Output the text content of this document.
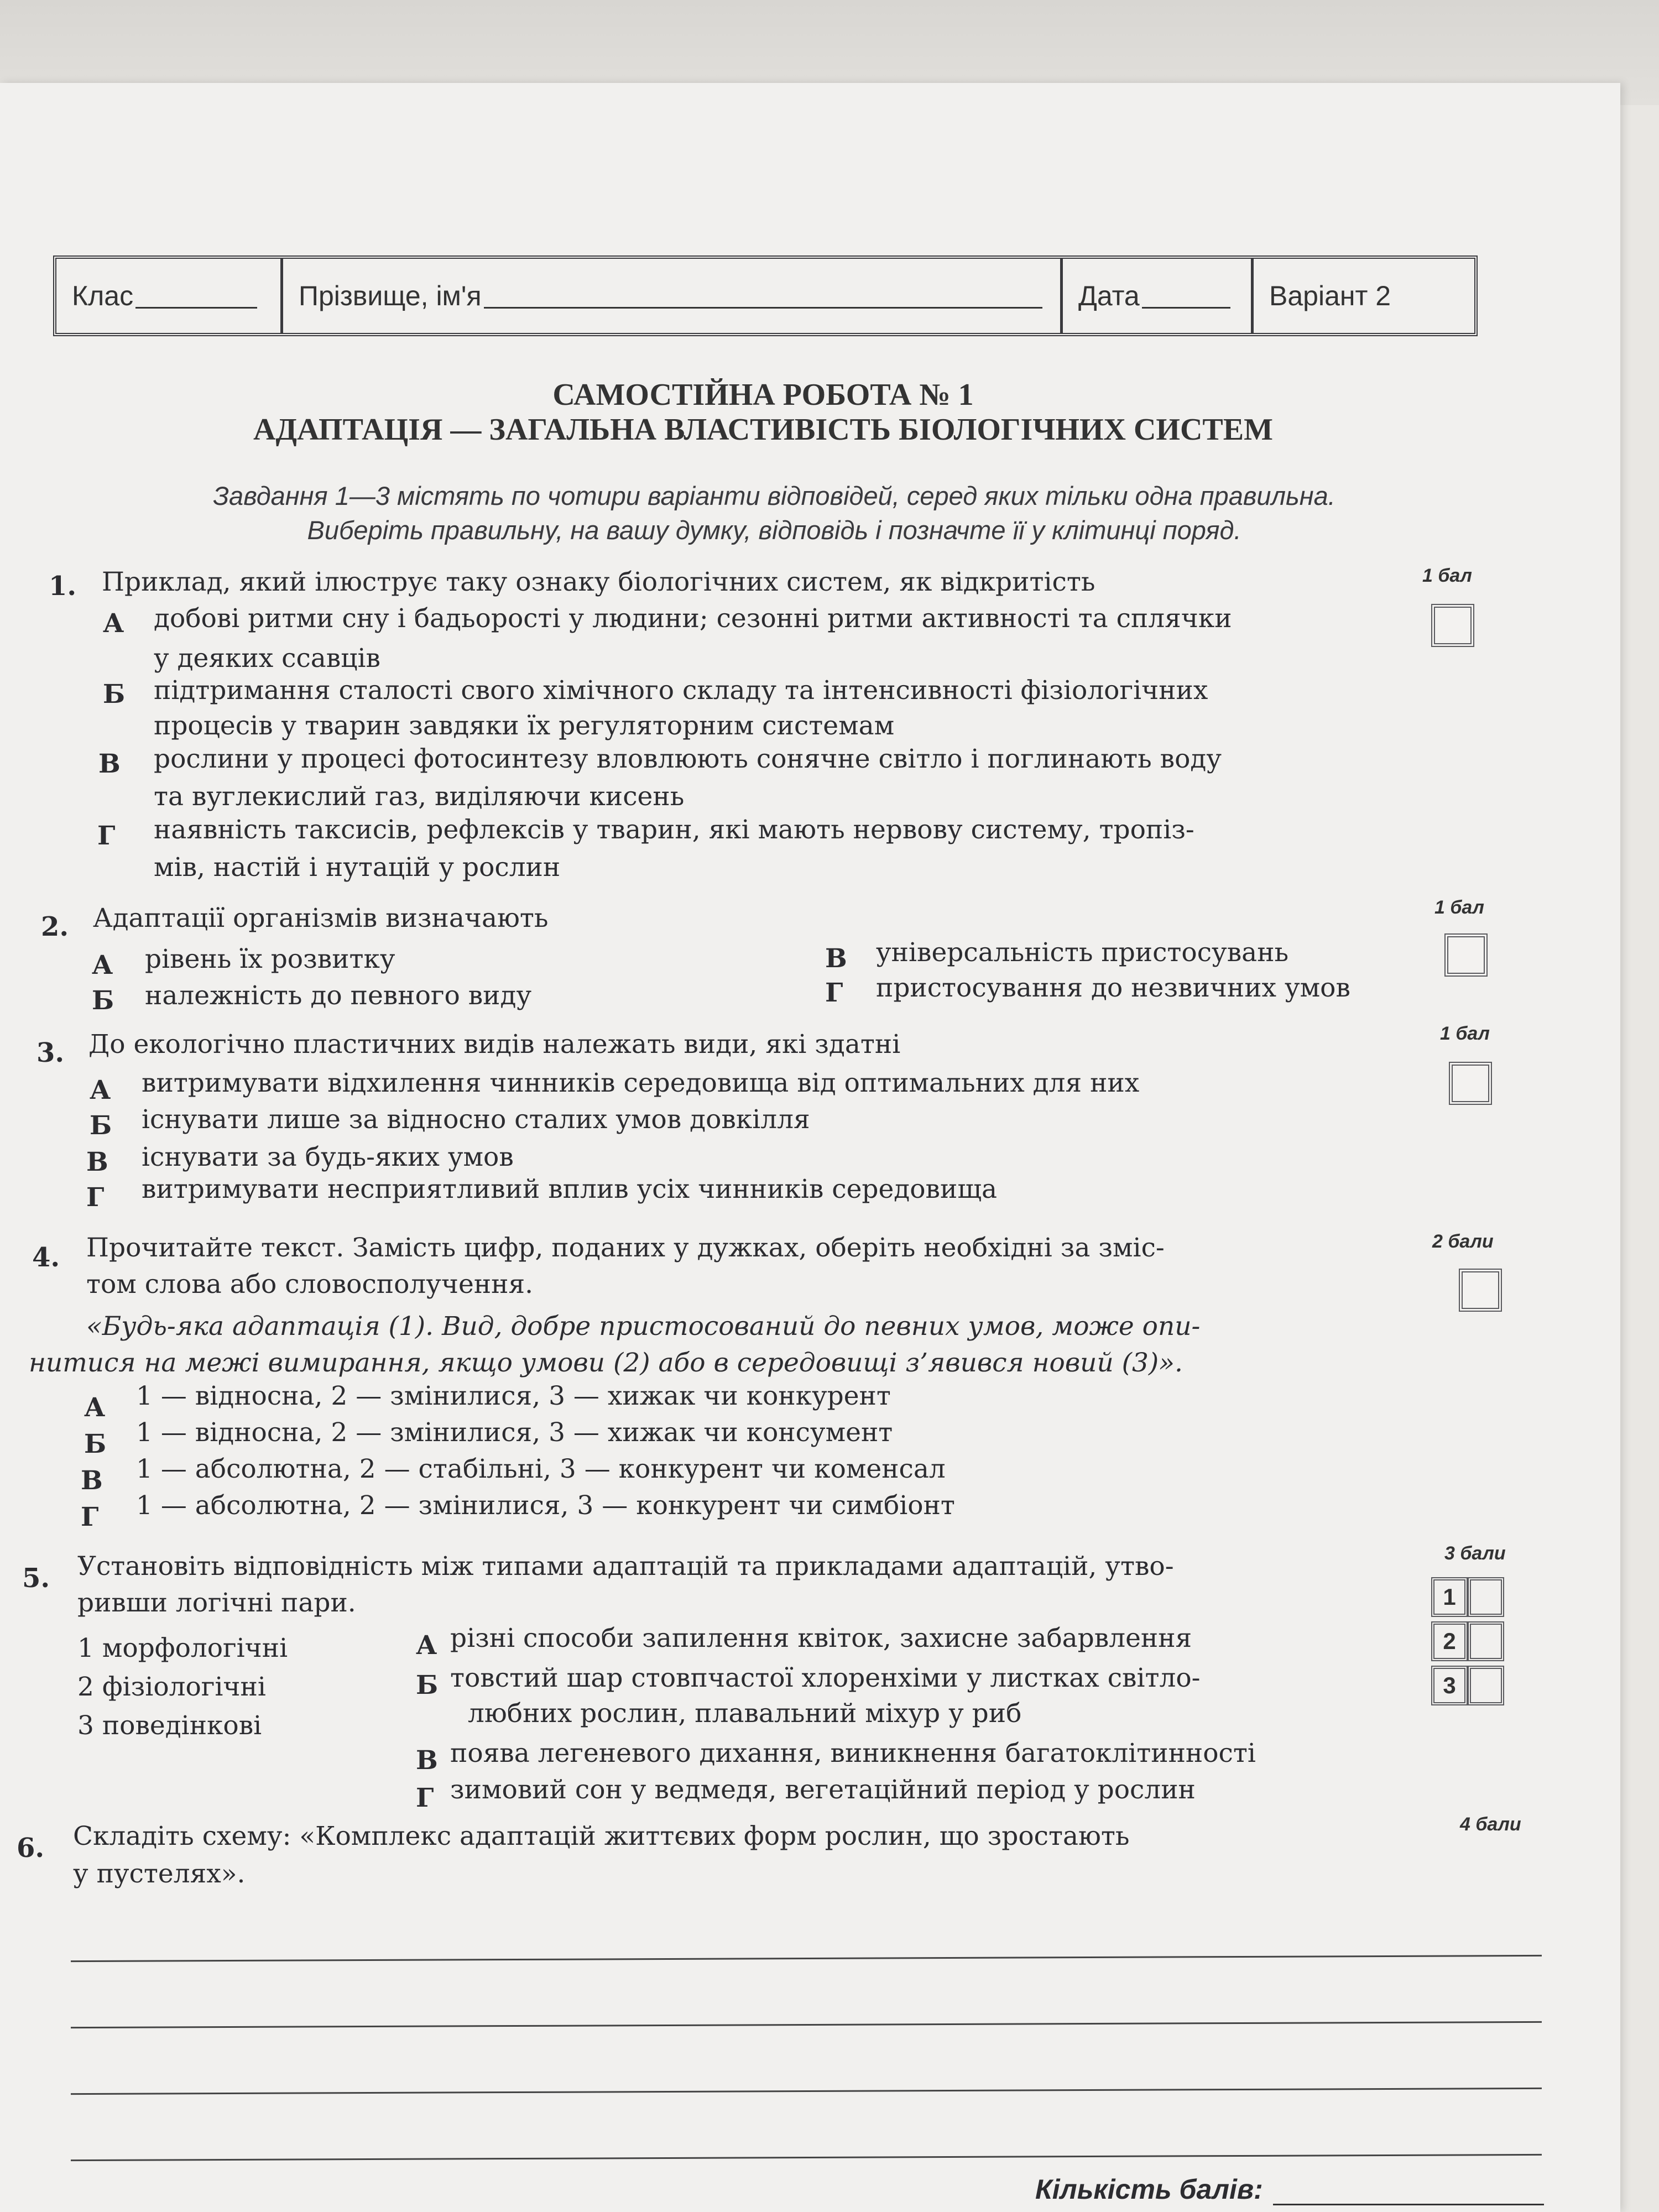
Клас	Прізвище, ім'я	Дата	Варіант 2
САМОСТІЙНА РОБОТА № 1
АДАПТАЦІЯ — ЗАГАЛЬНА ВЛАСТИВІСТЬ БІОЛОГІЧНИХ СИСТЕМ
Завдання 1—3 містять по чотири варіанти відповідей, серед яких тільки одна правильна.
Виберіть правильну, на вашу думку, відповідь і позначте її у клітинці поряд.
1. Приклад, який ілюструє таку ознаку біологічних систем, як відкритість	1 бал
А добові ритми сну і бадьорості у людини; сезонні ритми активності та сплячки
у деяких ссавців
Б підтримання сталості свого хімічного складу та інтенсивності фізіологічних
процесів у тварин завдяки їх регуляторним системам
В рослини у процесі фотосинтезу вловлюють сонячне світло і поглинають воду
та вуглекислий газ, виділяючи кисень
Г наявність таксисів, рефлексів у тварин, які мають нервову систему, тропіз-
мів, настій і нутацій у рослин
2. Адаптації організмів визначають	1 бал
А рівень їх розвитку
Б належність до певного виду
В універсальність пристосувань
Г пристосування до незвичних умов
3. До екологічно пластичних видів належать види, які здатні	1 бал
А витримувати відхилення чинників середовища від оптимальних для них
Б існувати лише за відносно сталих умов довкілля
В існувати за будь-яких умов
Г витримувати несприятливий вплив усіх чинників середовища
4. Прочитайте текст. Замість цифр, поданих у дужках, оберіть необхідні за зміс-
том слова або словосполучення.
2 бали
«Будь-яка адаптація (1). Вид, добре пристосований до певних умов, може опи-
нитися на межі вимирання, якщо умови (2) або в середовищі з’явився новий (3)».
А 1 — відносна, 2 — змінилися, 3 — хижак чи конкурент
Б 1 — відносна, 2 — змінилися, 3 — хижак чи консумент
В 1 — абсолютна, 2 — стабільні, 3 — конкурент чи коменсал
Г 1 — абсолютна, 2 — змінилися, 3 — конкурент чи симбіонт
5. Установіть відповідність між типами адаптацій та прикладами адаптацій, утво-
ривши логічні пари.
3 бали
1 морфологічні
2 фізіологічні
3 поведінкові
А різні способи запилення квіток, захисне забарвлення
Б товстий шар стовпчастої хлоренхіми у листках світло-
любних рослин, плавальний міхур у риб
В поява легеневого дихання, виникнення багатоклітинності
Г зимовий сон у ведмедя, вегетаційний період у рослин
1
2
3
6. Складіть схему: «Комплекс адаптацій життєвих форм рослин, що зростають
у пустелях».
4 бали
Кількість балів:
